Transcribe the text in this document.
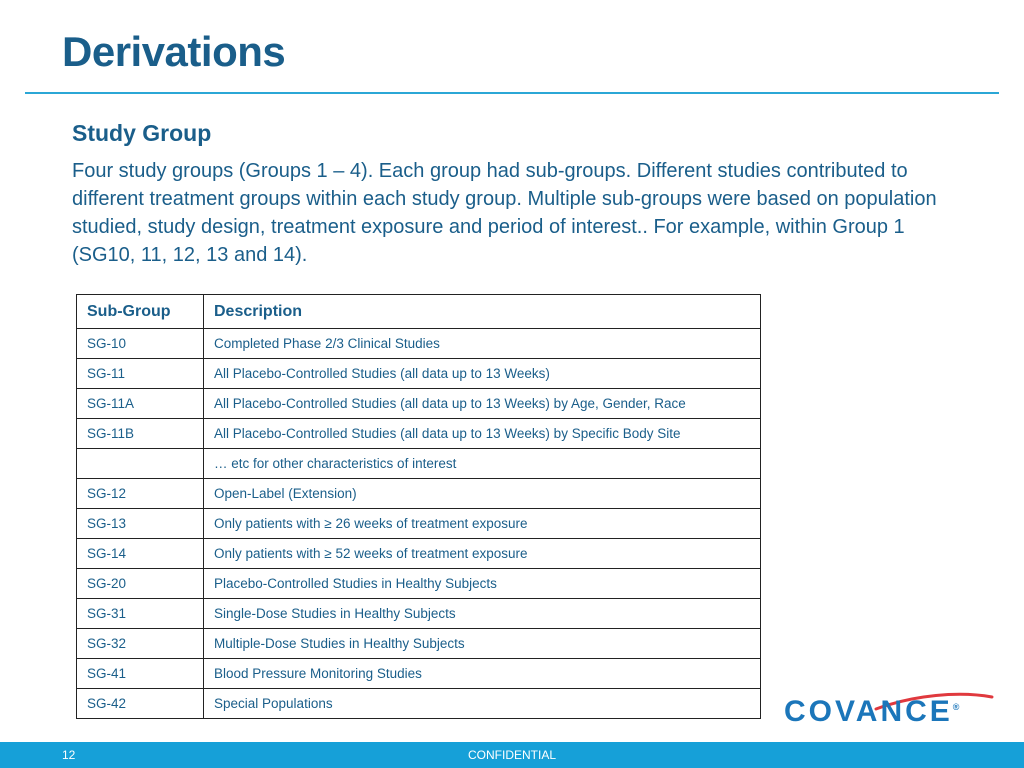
Derivations
Study Group

Four study groups (Groups 1 – 4). Each group had sub-groups. Different studies contributed to different treatment groups within each study group. Multiple sub-groups were based on population studied, study design, treatment exposure and period of interest.. For example, within Group 1 (SG10, 11, 12, 13 and 14).

Sub-Group	Description
SG-10	Completed Phase 2/3 Clinical Studies
SG-11	All Placebo-Controlled Studies (all data up to 13 Weeks)
SG-11A	All Placebo-Controlled Studies (all data up to 13 Weeks) by Age, Gender, Race
SG-11B	All Placebo-Controlled Studies (all data up to 13 Weeks) by Specific Body Site
	… etc for other characteristics of interest
SG-12	Open-Label (Extension)
SG-13	Only patients with ≥ 26 weeks of treatment exposure
SG-14	Only patients with ≥ 52 weeks of treatment exposure
SG-20	Placebo-Controlled Studies in Healthy Subjects
SG-31	Single-Dose Studies in Healthy Subjects
SG-32	Multiple-Dose Studies in Healthy Subjects
SG-41	Blood Pressure Monitoring Studies
SG-42	Special Populations	COVANCE®
12	CONFIDENTIAL
